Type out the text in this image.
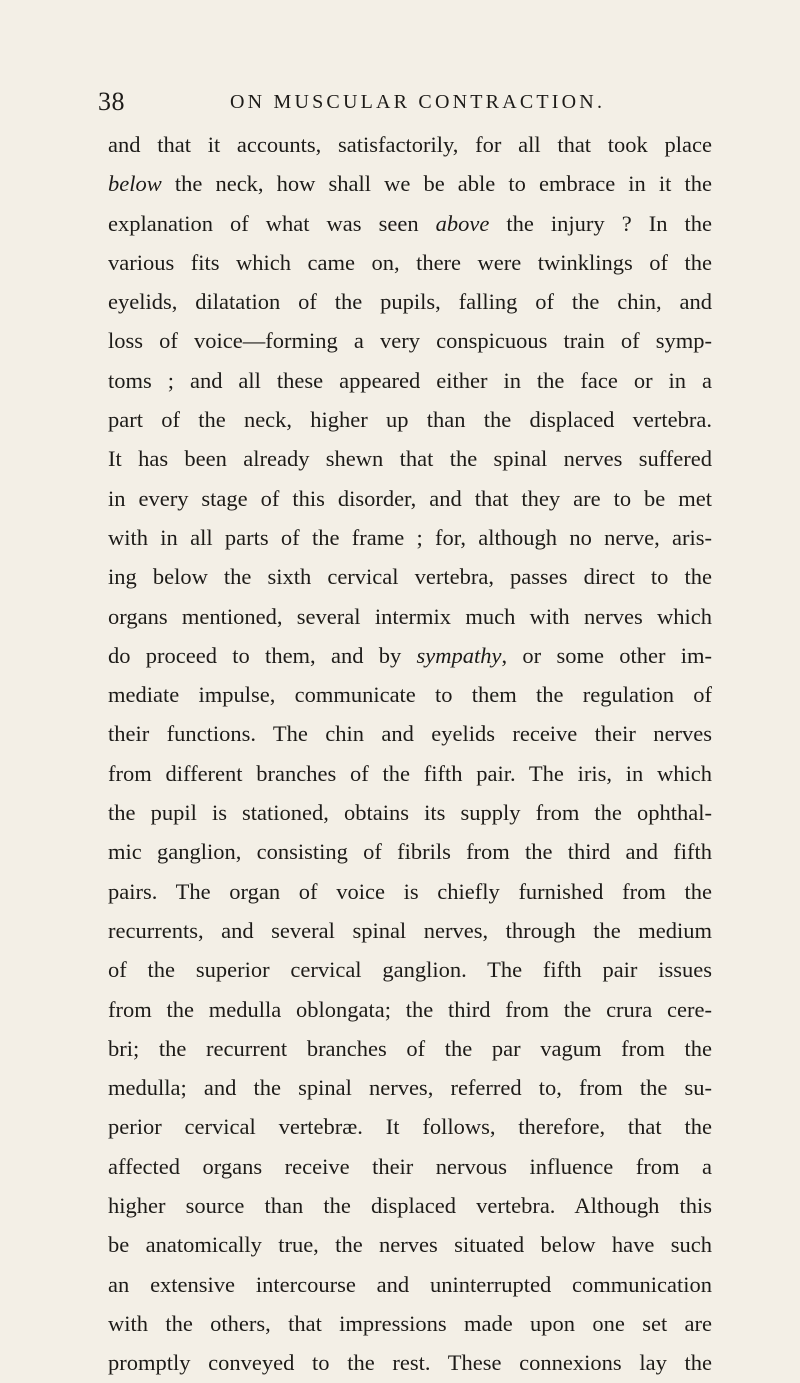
38	ON MUSCULAR CONTRACTION.
and that it accounts, satisfactorily, for all that took place
below the neck, how shall we be able to embrace in it the
explanation of what was seen above the injury ? In the
various fits which came on, there were twinklings of the
eyelids, dilatation of the pupils, falling of the chin, and
loss of voice—forming a very conspicuous train of symp-
toms ; and all these appeared either in the face or in a
part of the neck, higher up than the displaced vertebra.
It has been already shewn that the spinal nerves suffered
in every stage of this disorder, and that they are to be met
with in all parts of the frame ; for, although no nerve, aris-
ing below the sixth cervical vertebra, passes direct to the
organs mentioned, several intermix much with nerves which
do proceed to them, and by sympathy, or some other im-
mediate impulse, communicate to them the regulation of
their functions. The chin and eyelids receive their nerves
from different branches of the fifth pair. The iris, in which
the pupil is stationed, obtains its supply from the ophthal-
mic ganglion, consisting of fibrils from the third and fifth
pairs. The organ of voice is chiefly furnished from the
recurrents, and several spinal nerves, through the medium
of the superior cervical ganglion. The fifth pair issues
from the medulla oblongata; the third from the crura cere-
bri; the recurrent branches of the par vagum from the
medulla; and the spinal nerves, referred to, from the su-
perior cervical vertebræ. It follows, therefore, that the
affected organs receive their nervous influence from a
higher source than the displaced vertebra. Although this
be anatomically true, the nerves situated below have such
an extensive intercourse and uninterrupted communication
with the others, that impressions made upon one set are
promptly conveyed to the rest. These connexions lay the
